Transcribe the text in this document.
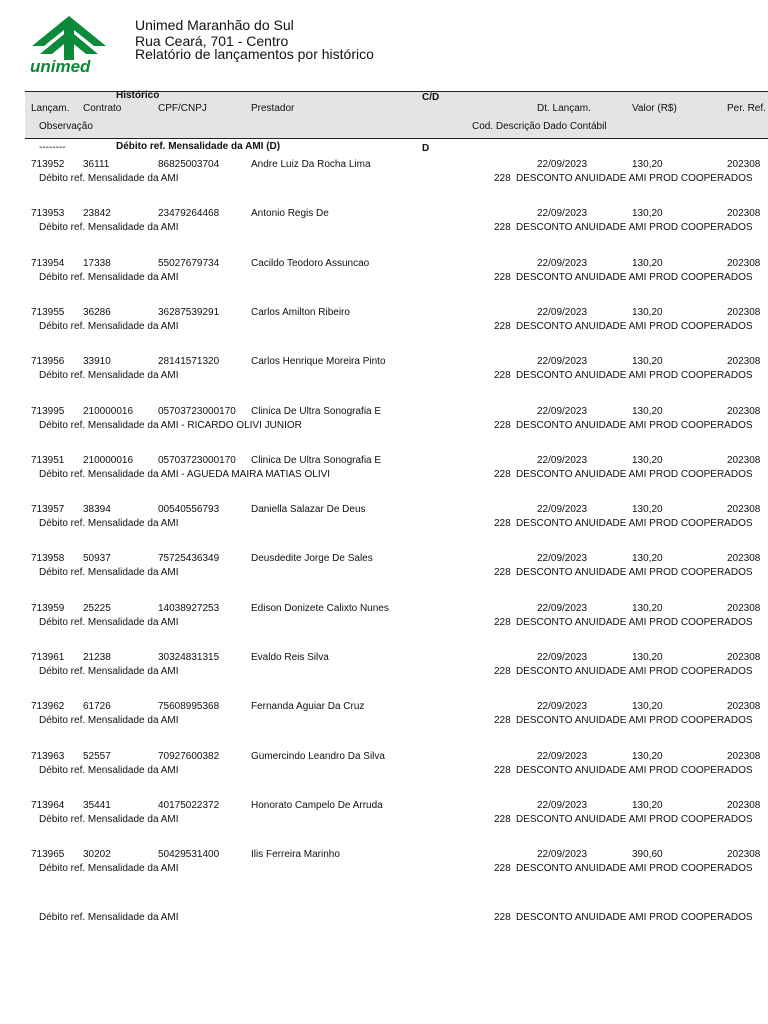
unimed
Unimed Maranhão do Sul
Rua Ceará, 701 - Centro
Relatório de lançamentos por histórico
Histórico	C/D
Lançam. Contrato	CPF/CNPJ	Prestador	Dt. Lançam.	Valor (R$)	Per. Ref.
Observação	Cod. Descrição Dado Contábil
--------	Débito ref. Mensalidade da AMI (D)	D
713952 36111	86825003704	Andre Luiz Da Rocha Lima	22/09/2023	130,20	202308
Débito ref. Mensalidade da AMI	228 DESCONTO ANUIDADE AMI PROD COOPERADOS
713953 23842	23479264468	Antonio Regis De	22/09/2023	130,20	202308
Débito ref. Mensalidade da AMI	228 DESCONTO ANUIDADE AMI PROD COOPERADOS
713954 17338	55027679734	Cacildo Teodoro Assuncao	22/09/2023	130,20	202308
Débito ref. Mensalidade da AMI	228 DESCONTO ANUIDADE AMI PROD COOPERADOS
713955 36286	36287539291	Carlos Amilton Ribeiro	22/09/2023	130,20	202308
Débito ref. Mensalidade da AMI	228 DESCONTO ANUIDADE AMI PROD COOPERADOS
713956 33910	28141571320	Carlos Henrique Moreira Pinto	22/09/2023	130,20	202308
Débito ref. Mensalidade da AMI	228 DESCONTO ANUIDADE AMI PROD COOPERADOS
713995 210000016 05703723000170 Clinica De Ultra Sonografia E	22/09/2023	130,20	202308
Débito ref. Mensalidade da AMI - RICARDO OLIVI JUNIOR	228 DESCONTO ANUIDADE AMI PROD COOPERADOS
713951 210000016 05703723000170 Clinica De Ultra Sonografia E	22/09/2023	130,20	202308
Débito ref. Mensalidade da AMI - AGUEDA MAIRA MATIAS OLIVI	228 DESCONTO ANUIDADE AMI PROD COOPERADOS
713957 38394	00540556793	Daniella Salazar De Deus	22/09/2023	130,20	202308
Débito ref. Mensalidade da AMI	228 DESCONTO ANUIDADE AMI PROD COOPERADOS
713958 50937	75725436349	Deusdedite Jorge De Sales	22/09/2023	130,20	202308
Débito ref. Mensalidade da AMI	228 DESCONTO ANUIDADE AMI PROD COOPERADOS
713959 25225	14038927253	Edison Donizete Calixto Nunes	22/09/2023	130,20	202308
Débito ref. Mensalidade da AMI	228 DESCONTO ANUIDADE AMI PROD COOPERADOS
713961 21238	30324831315	Evaldo Reis Silva	22/09/2023	130,20	202308
Débito ref. Mensalidade da AMI	228 DESCONTO ANUIDADE AMI PROD COOPERADOS
713962 61726	75608995368	Fernanda Aguiar Da Cruz	22/09/2023	130,20	202308
Débito ref. Mensalidade da AMI	228 DESCONTO ANUIDADE AMI PROD COOPERADOS
713963 52557	70927600382	Gumercindo Leandro Da Silva	22/09/2023	130,20	202308
Débito ref. Mensalidade da AMI	228 DESCONTO ANUIDADE AMI PROD COOPERADOS
713964 35441	40175022372	Honorato Campelo De Arruda	22/09/2023	130,20	202308
Débito ref. Mensalidade da AMI	228 DESCONTO ANUIDADE AMI PROD COOPERADOS
713965 30202	50429531400	Ilis Ferreira Marinho	22/09/2023	390,60	202308
Débito ref. Mensalidade da AMI	228 DESCONTO ANUIDADE AMI PROD COOPERADOS
Débito ref. Mensalidade da AMI	228 DESCONTO ANUIDADE AMI PROD COOPERADOS
